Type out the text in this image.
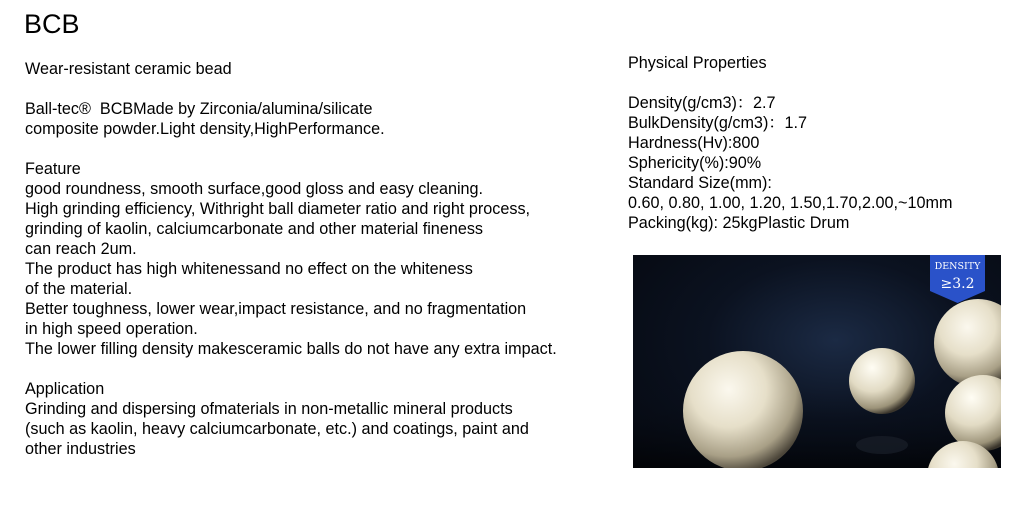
BCB
Wear-resistant ceramic bead
Ball-tec®  BCBMade by Zirconia/alumina/silicate
composite powder.Light density,HighPerformance.
Feature
good roundness, smooth surface,good gloss and easy cleaning.
High grinding efficiency, Withright ball diameter ratio and right process,
grinding of kaolin, calciumcarbonate and other material fineness
can reach 2um.
The product has high whitenessand no effect on the whiteness
of the material.
Better toughness, lower wear,impact resistance, and no fragmentation
in high speed operation.
The lower filling density makesceramic balls do not have any extra impact.
Application
Grinding and dispersing ofmaterials in non-metallic mineral products
(such as kaolin, heavy calciumcarbonate, etc.) and coatings, paint and
other industries
Physical Properties
Density(g/cm3)：2.7
BulkDensity(g/cm3)：1.7
Hardness(Hv):800
Sphericity(%):90%
Standard Size(mm):
0.60, 0.80, 1.00, 1.20, 1.50,1.70,2.00,~10mm
Packing(kg): 25kgPlastic Drum
DENSITY
≥3.2
